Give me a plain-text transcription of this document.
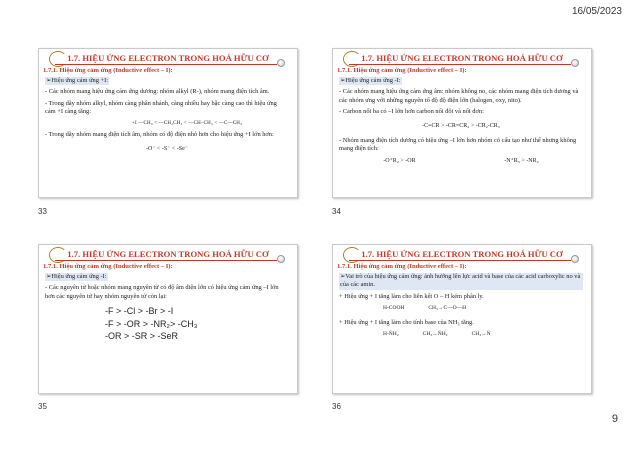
16/05/2023
1.7. HIỆU ỨNG ELECTRON TRONG HOÁ HỮU CƠ
1.7.1. Hiệu ứng cảm ứng (Inductive effect – I):

➢Hiệu ứng cảm ứng +I:

- Các nhóm mang hiệu ứng cảm ứng dương: nhóm alkyl (R-), nhóm mang điện tích âm.

- Trong dãy nhóm alkyl, nhóm càng phân nhánh, càng nhiều hay bậc càng cao thì hiệu ứng cảm +I càng tăng:

+I —CH₃ < —CH₂CH₃ < —CH–CH₃ < —C—CH₃

- Trong dãy nhóm mang điện tích âm, nhóm có độ điện nhỏ hơn cho hiệu ứng +I lớn hơn:

-O⁻ < -S⁻ < -Se⁻
33
1.7. HIỆU ỨNG ELECTRON TRONG HOÁ HỮU CƠ
1.7.1. Hiệu ứng cảm ứng (Inductive effect – I):

➢Hiệu ứng cảm ứng -I:

- Các nhóm mang hiệu ứng cảm ứng âm: nhóm không no, các nhóm mang điện tích dương và các nhóm ưng với những nguyên tố độ độ điện lớn (halogen, oxy, nito).

- Carbon nối ba có –I lớn hơn carbon nối đôi và nối đơn:

-C≡CR > -CR=CR₂ > -CR₂-CR₃

- Nhóm mang điện tích dương có hiệu ứng –I lớn hơn nhóm có cấu tạo như thế nhưng không mang điện tích:

-O⁺R₂ > -OR	-N⁺R₃ > -NR₂
34
1.7. HIỆU ỨNG ELECTRON TRONG HOÁ HỮU CƠ
1.7.1. Hiệu ứng cảm ứng (Inductive effect – I):

➢Hiệu ứng cảm ứng -I:

- Các nguyên tử hoặc nhóm mang nguyên tử có độ âm điện lớn có hiệu ứng cảm ứng –I lớn hơn các nguyên tử hay nhóm nguyên tử còn lại:

-F > -Cl > -Br > -I
-F > -OR > -NR₂> -CH₃
-OR > -SR > -SeR
35
1.7. HIỆU ỨNG ELECTRON TRONG HOÁ HỮU CƠ
1.7.1. Hiệu ứng cảm ứng (Inductive effect – I):

➢Vai trò của hiệu ứng cảm ứng: ảnh hưởng lên lực acid và base của các acid carboxylic no và của các amin.

+ Hiệu ứng + I tăng làm cho liên kết O – H kém phân ly.

H-COOH	CH₃→C—O—H

+ Hiệu ứng + I tăng làm cho tính base của NH₃ tăng.

H-N̈H₂	CH₃→N̈H₂	CH₃→N̈
36
9
